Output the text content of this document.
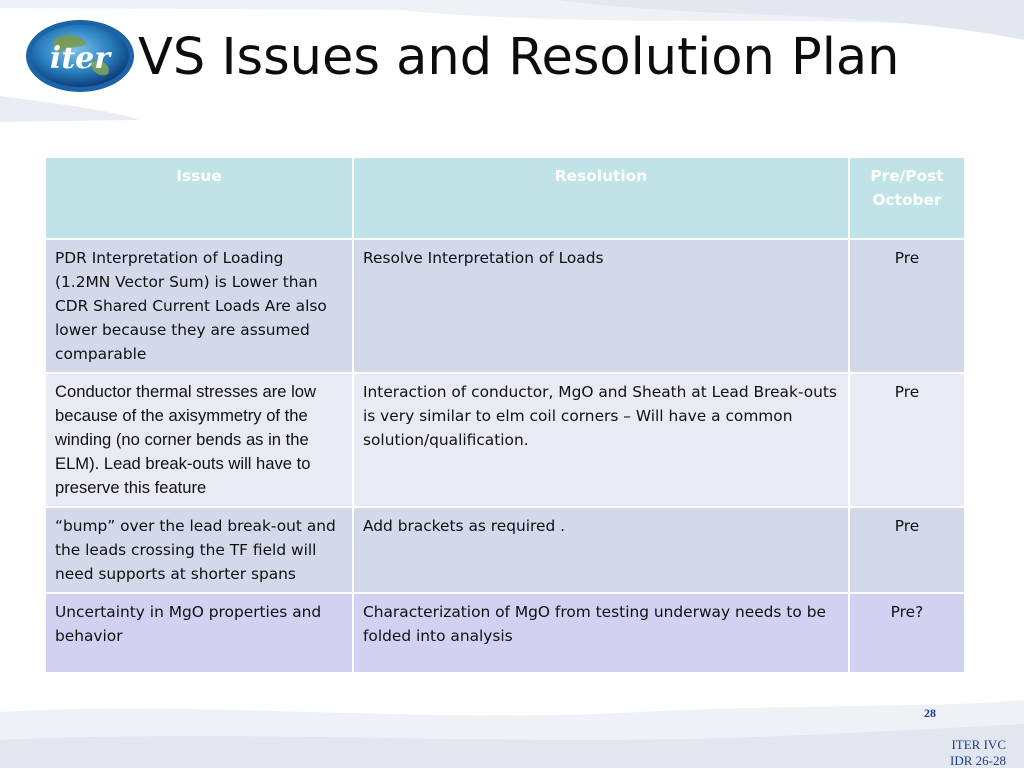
iter VS Issues and Resolution Plan
Issue	Resolution	Pre/Post October
PDR Interpretation of Loading (1.2MN Vector Sum) is Lower than CDR Shared Current Loads Are also lower because they are assumed comparable	Resolve Interpretation of Loads	Pre
Conductor thermal stresses are low because of the axisymmetry of the winding (no corner bends as in the ELM). Lead break-outs will have to preserve this feature	Interaction of conductor, MgO and Sheath at Lead Break-outs is very similar to elm coil corners – Will have a common solution/qualification.	Pre
“bump” over the lead break-out and the leads crossing the TF field will need supports at shorter spans	Add brackets as required .	Pre
Uncertainty in MgO properties and behavior	Characterization of MgO from testing underway needs to be folded into analysis	Pre?
28
ITER IVC
IDR 26-28
